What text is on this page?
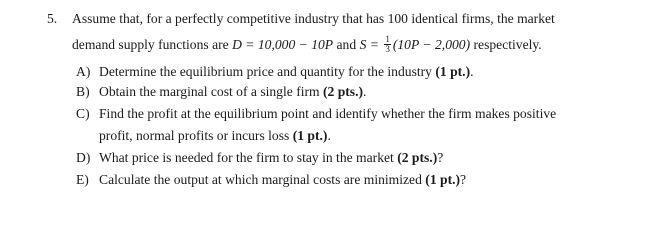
5. Assume that, for a perfectly competitive industry that has 100 identical firms, the market
demand supply functions are D = 10,000 − 10P and $S = \frac{1}{3} (10P - 2,000)$ respectively.
A) Determine the equilibrium price and quantity for the industry (1 pt.).
B) Obtain the marginal cost of a single firm (2 pts.).
C) Find the profit at the equilibrium point and identify whether the firm makes positive
profit, normal profits or incurs loss (1 pt.).
D) What price is needed for the firm to stay in the market (2 pts.)?
E) Calculate the output at which marginal costs are minimized (1 pt.)?
